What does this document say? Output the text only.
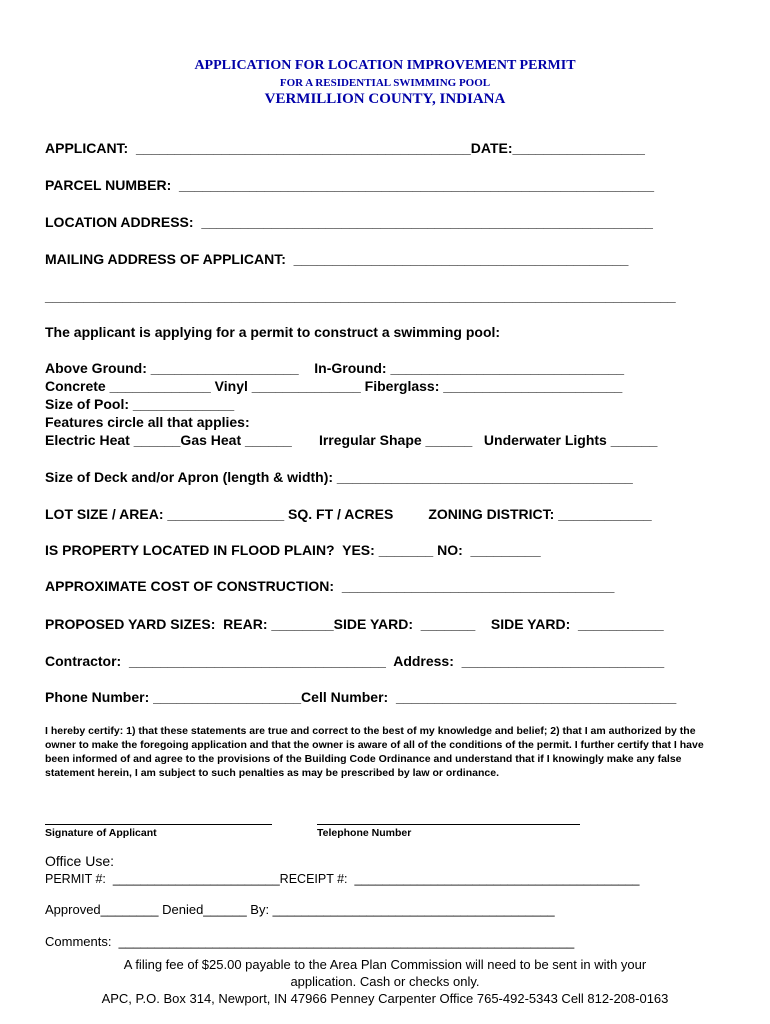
APPLICATION FOR LOCATION IMPROVEMENT PERMIT
FOR A RESIDENTIAL SWIMMING POOL
VERMILLION COUNTY, INDIANA
APPLICANT:  ___________________________________________DATE:_________________
PARCEL NUMBER:  _____________________________________________________________
LOCATION ADDRESS:  __________________________________________________________
MAILING ADDRESS OF APPLICANT:  ___________________________________________
_________________________________________________________________________________
The applicant is applying for a permit to construct a swimming pool:
Above Ground: ___________________    In-Ground: ______________________________
Concrete _____________ Vinyl ______________ Fiberglass: _______________________
Size of Pool: _____________
Features circle all that applies:
Electric Heat ______Gas Heat ______       Irregular Shape ______   Underwater Lights ______
Size of Deck and/or Apron (length & width): ______________________________________
LOT SIZE / AREA: _______________ SQ. FT / ACRES         ZONING DISTRICT: ____________
IS PROPERTY LOCATED IN FLOOD PLAIN?  YES: _______ NO:  _________
APPROXIMATE COST OF CONSTRUCTION:  ___________________________________
PROPOSED YARD SIZES:  REAR: ________SIDE YARD:  _______    SIDE YARD:  ___________
Contractor:  _________________________________  Address:  __________________________
Phone Number: ___________________Cell Number:  ____________________________________
I hereby certify: 1) that these statements are true and correct to the best of my knowledge and belief; 2) that I am authorized by the owner to make the foregoing application and that the owner is aware of all of the conditions of the permit. I further certify that I have been informed of and agree to the provisions of the Building Code Ordinance and understand that if I knowingly make any false statement herein, I am subject to such penalties as may be prescribed by law or ordinance.
Signature of Applicant	Telephone Number
Office Use:
PERMIT #:  ________________________RECEIPT #:  _________________________________________
Approved________ Denied______ By: _______________________________________
Comments:  _______________________________________________________________
A filing fee of $25.00 payable to the Area Plan Commission will need to be sent in with your
application. Cash or checks only.
APC, P.O. Box 314, Newport, IN 47966 Penney Carpenter Office 765-492-5343 Cell 812-208-0163
